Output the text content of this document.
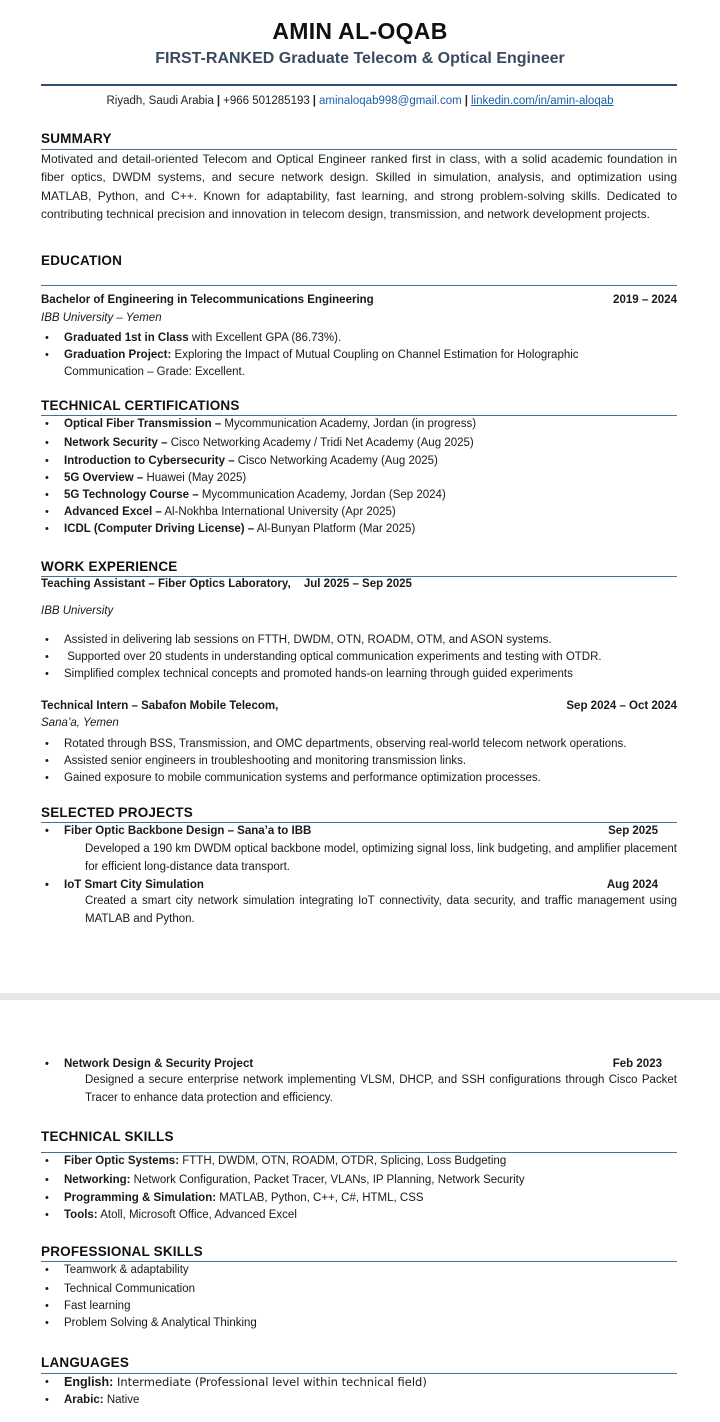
AMIN AL-OQAB
FIRST-RANKED Graduate Telecom & Optical Engineer
Riyadh, Saudi Arabia | +966 501285193 | aminaloqab998@gmail.com | linkedin.com/in/amin-aloqab
SUMMARY
Motivated and detail-oriented Telecom and Optical Engineer ranked first in class, with a solid academic foundation in fiber optics, DWDM systems, and secure network design. Skilled in simulation, analysis, and optimization using MATLAB, Python, and C++. Known for adaptability, fast learning, and strong problem-solving skills. Dedicated to contributing technical precision and innovation in telecom design, transmission, and network development projects.
EDUCATION
Bachelor of Engineering in Telecommunications Engineering	2019 – 2024
IBB University – Yemen
• Graduated 1st in Class with Excellent GPA (86.73%).
• Graduation Project: Exploring the Impact of Mutual Coupling on Channel Estimation for Holographic Communication – Grade: Excellent.
TECHNICAL CERTIFICATIONS
• Optical Fiber Transmission – Mycommunication Academy, Jordan (in progress)
• Network Security – Cisco Networking Academy / Tridi Net Academy (Aug 2025)
• Introduction to Cybersecurity – Cisco Networking Academy (Aug 2025)
• 5G Overview – Huawei (May 2025)
• 5G Technology Course – Mycommunication Academy, Jordan (Sep 2024)
• Advanced Excel – Al-Nokhba International University (Apr 2025)
• ICDL (Computer Driving License) – Al-Bunyan Platform (Mar 2025)
WORK EXPERIENCE
Teaching Assistant – Fiber Optics Laboratory, Jul 2025 – Sep 2025
IBB University
• Assisted in delivering lab sessions on FTTH, DWDM, OTN, ROADM, OTM, and ASON systems.
• Supported over 20 students in understanding optical communication experiments and testing with OTDR.
• Simplified complex technical concepts and promoted hands-on learning through guided experiments
Technical Intern – Sabafon Mobile Telecom,	Sep 2024 – Oct 2024
Sana’a, Yemen
• Rotated through BSS, Transmission, and OMC departments, observing real-world telecom network operations.
• Assisted senior engineers in troubleshooting and monitoring transmission links.
• Gained exposure to mobile communication systems and performance optimization processes.
SELECTED PROJECTS
• Fiber Optic Backbone Design – Sana’a to IBB	Sep 2025
Developed a 190 km DWDM optical backbone model, optimizing signal loss, link budgeting, and amplifier placement for efficient long-distance data transport.
• IoT Smart City Simulation	Aug 2024
Created a smart city network simulation integrating IoT connectivity, data security, and traffic management using MATLAB and Python.
• Network Design & Security Project	Feb 2023
Designed a secure enterprise network implementing VLSM, DHCP, and SSH configurations through Cisco Packet Tracer to enhance data protection and efficiency.
TECHNICAL SKILLS
• Fiber Optic Systems: FTTH, DWDM, OTN, ROADM, OTDR, Splicing, Loss Budgeting
• Networking: Network Configuration, Packet Tracer, VLANs, IP Planning, Network Security
• Programming & Simulation: MATLAB, Python, C++, C#, HTML, CSS
• Tools: Atoll, Microsoft Office, Advanced Excel
PROFESSIONAL SKILLS
• Teamwork & adaptability
• Technical Communication
• Fast learning
• Problem Solving & Analytical Thinking
LANGUAGES
• English: Intermediate (Professional level within technical field)
• Arabic: Native
